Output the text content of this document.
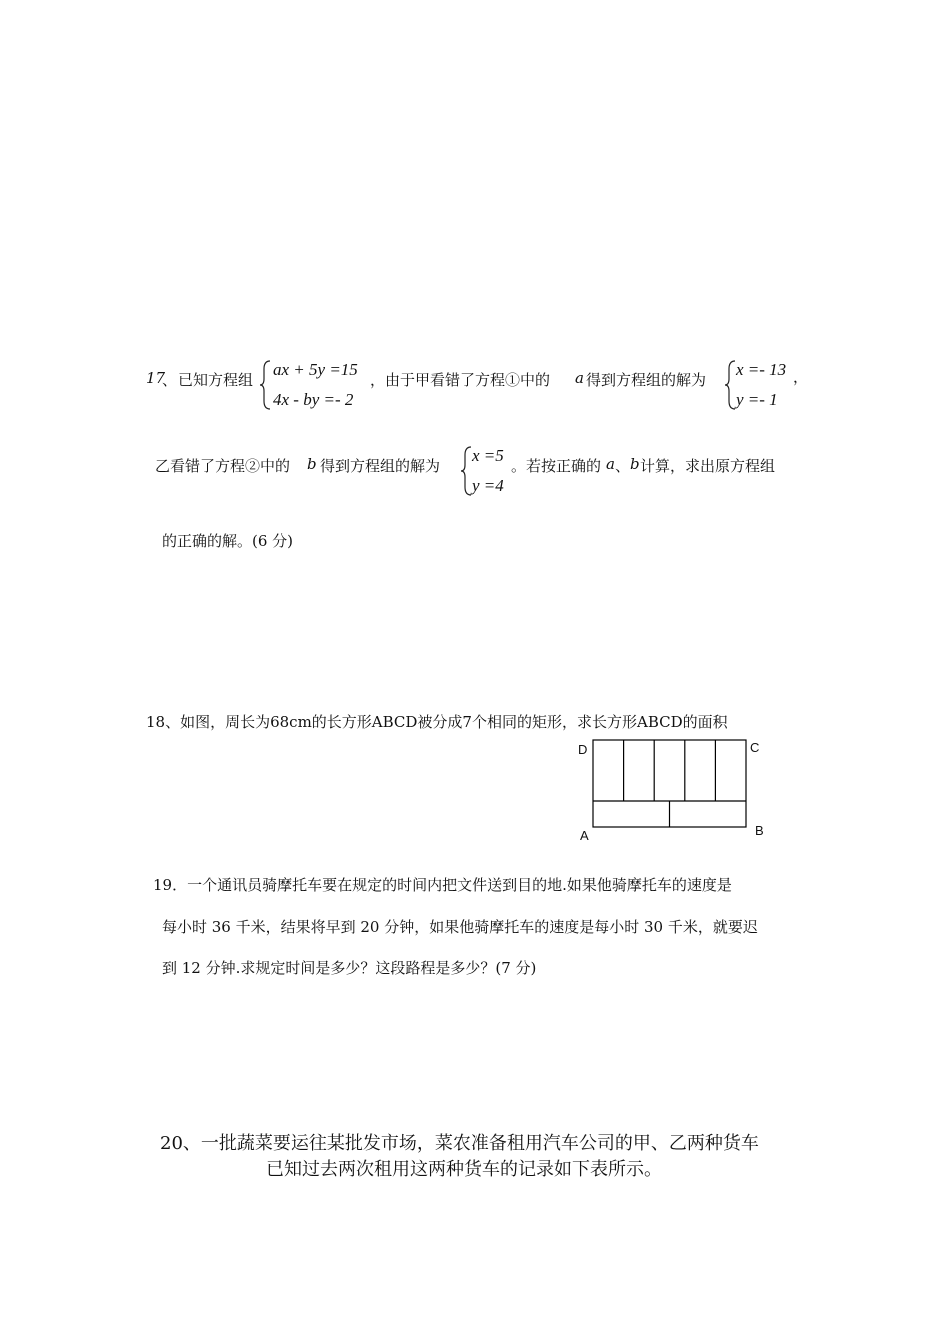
17
、 已知方程组
ax + 5y =15
4x - by =- 2
，由于甲看错了方程①中的 a 得到方程组的解为
x =- 13
y =- 1
，
乙看错了方程②中的 b 得到方程组的解为
x =5
y =4
。若按正确的 a 、 b 计算，求出原方程组
的正确的解。(6 分)
18、如图，周长为68cm的长方形ABCD被分成7个相同的矩形，求长方形ABCD的面积
D	C
A	B
19．一个通讯员骑摩托车要在规定的时间内把文件送到目的地.如果他骑摩托车的速度是
每小时 36 千米，结果将早到 20 分钟，如果他骑摩托车的速度是每小时 30 千米，就要迟
到 12 分钟.求规定时间是多少？这段路程是多少？(7 分)
20、一批蔬菜要运往某批发市场，菜农准备租用汽车公司的甲、乙两种货车
已知过去两次租用这两种货车的记录如下表所示。
